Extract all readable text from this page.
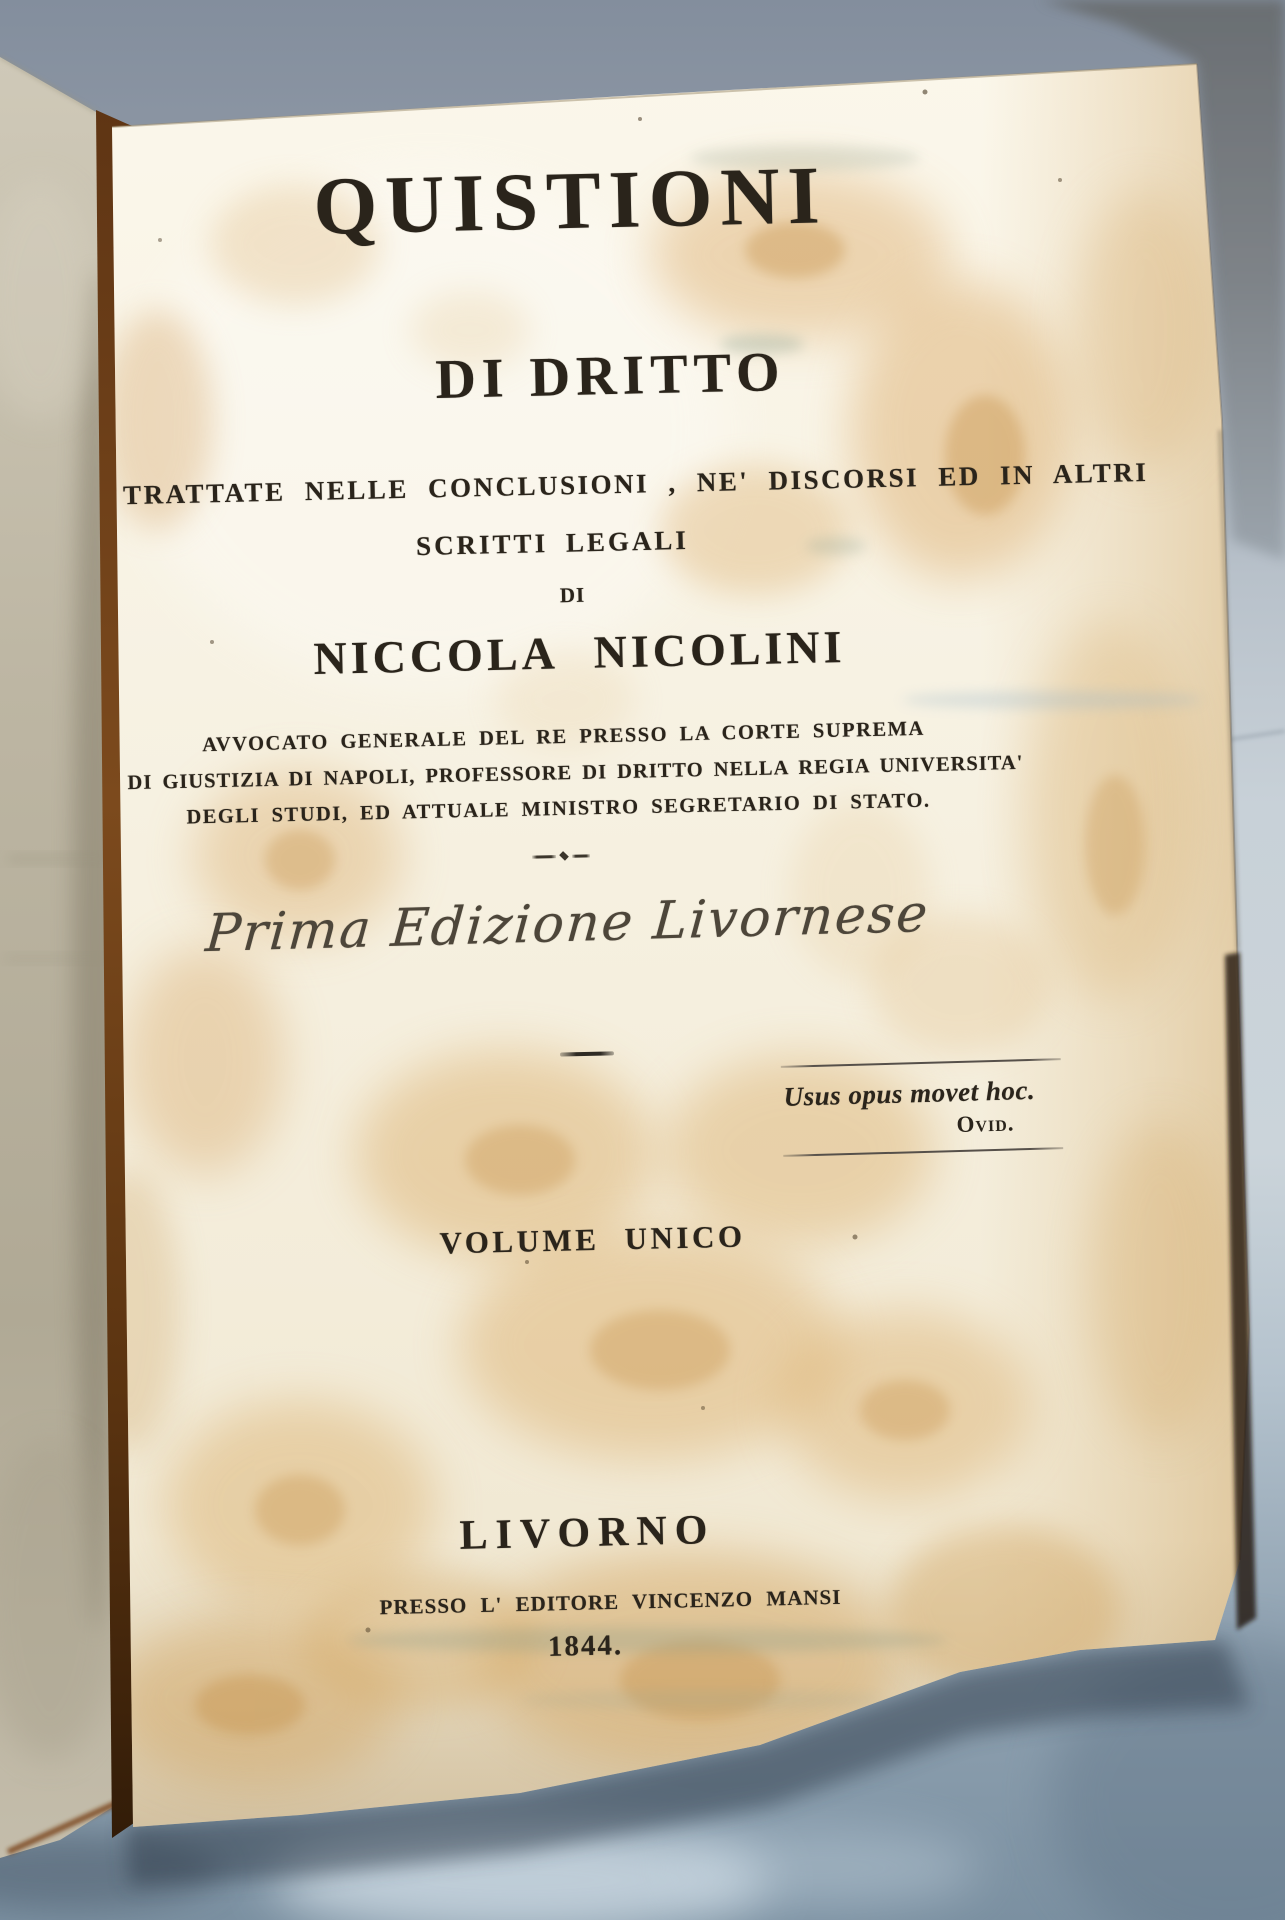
QUISTIONI
DI DRITTO
TRATTATE NELLE CONCLUSIONI , NE' DISCORSI ED IN ALTRI
SCRITTI LEGALI
DI
NICCOLA NICOLINI
AVVOCATO GENERALE DEL RE PRESSO LA CORTE SUPREMA
DI GIUSTIZIA DI NAPOLI, PROFESSORE DI DRITTO NELLA REGIA UNIVERSITA'
DEGLI STUDI, ED ATTUALE MINISTRO SEGRETARIO DI STATO.
Prima Edizione Livornese
Usus opus movet hoc.
Ovid.
VOLUME UNICO
LIVORNO
PRESSO L' EDITORE VINCENZO MANSI
1844.
